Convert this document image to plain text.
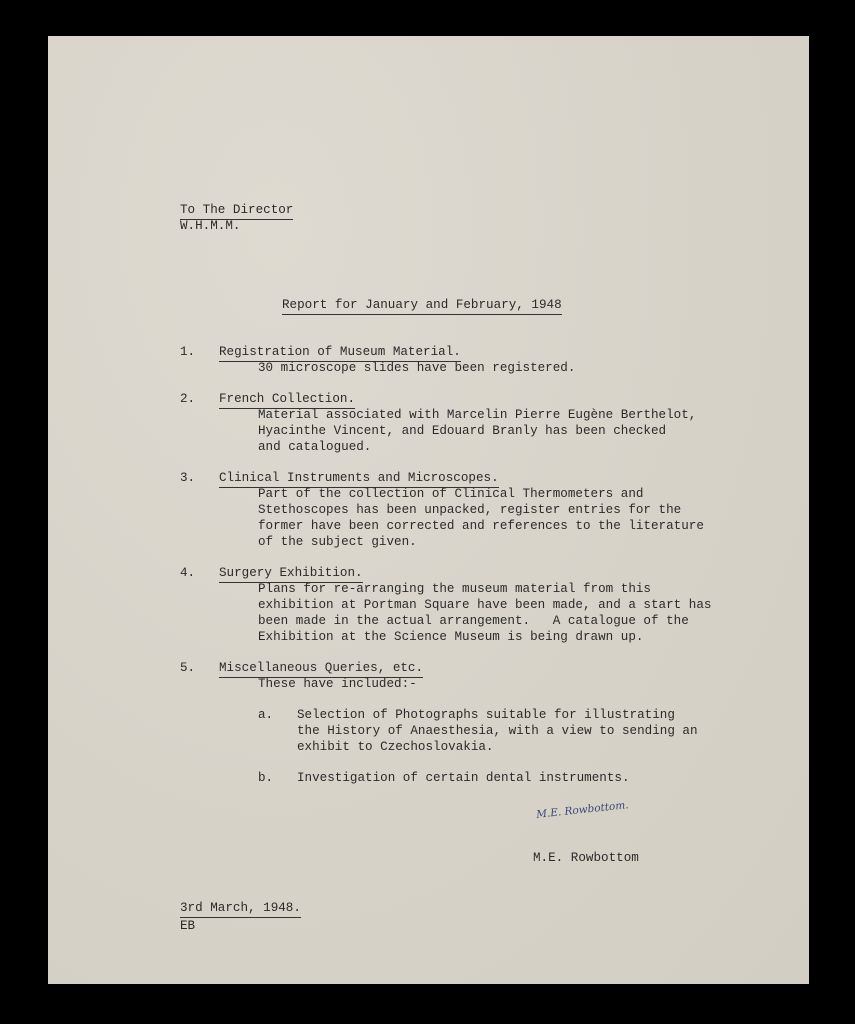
To The Director
W.H.M.M.
Report for January and February, 1948
1. Registration of Museum Material.
30 microscope slides have been registered.
2. French Collection.
Material associated with Marcelin Pierre Eugène Berthelot,
Hyacinthe Vincent, and Edouard Branly has been checked
and catalogued.
3. Clinical Instruments and Microscopes.
Part of the collection of Clinical Thermometers and
Stethoscopes has been unpacked, register entries for the
former have been corrected and references to the literature
of the subject given.
4. Surgery Exhibition.
Plans for re-arranging the museum material from this
exhibition at Portman Square have been made, and a start has
been made in the actual arrangement.   A catalogue of the
Exhibition at the Science Museum is being drawn up.
5. Miscellaneous Queries, etc.
These have included:-
a. Selection of Photographs suitable for illustrating
the History of Anaesthesia, with a view to sending an
exhibit to Czechoslovakia.
b. Investigation of certain dental instruments.
M.E. Rowbottom.
M.E. Rowbottom
3rd March, 1948.
EB
